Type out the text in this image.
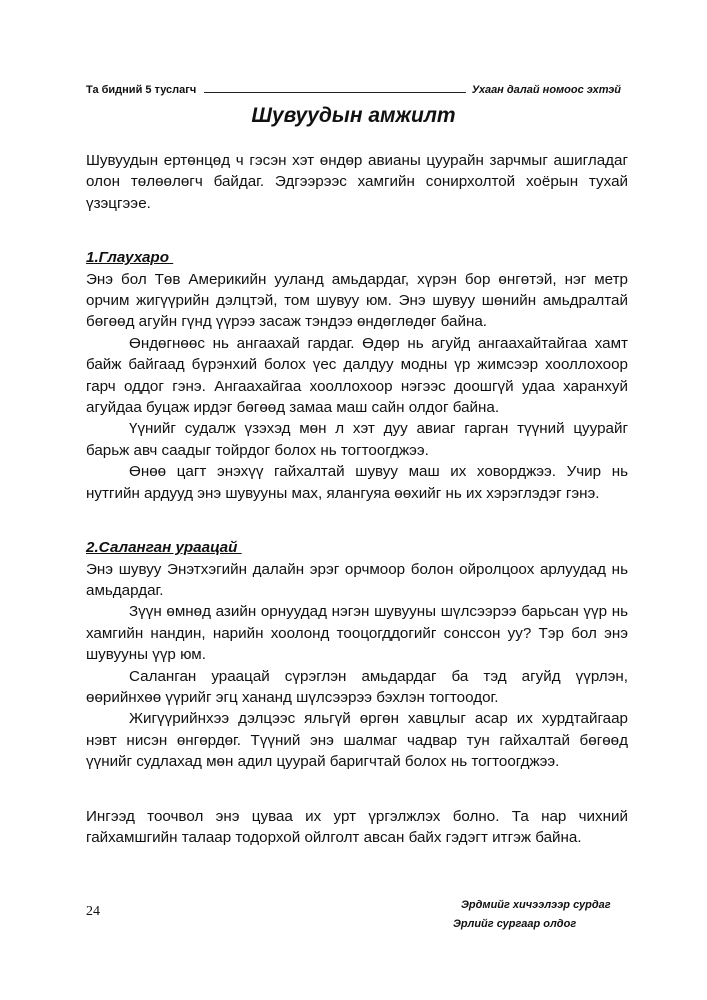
Та бидний 5 туслагч	Ухаан далай номоос эхтэй
Шувуудын амжилт

Шувуудын ертөнцөд ч гэсэн хэт өндөр авианы цуурайн зарчмыг ашигладаг олон төлөөлөгч байдаг. Эдгээрээс хамгийн сонирхолтой хоёрын тухай үзэцгээе.

1.Глаухаро

Энэ бол Төв Америкийн ууланд амьдардаг, хүрэн бор өнгөтэй, нэг метр орчим жигүүрийн дэлцтэй, том шувуу юм. Энэ шувуу шөнийн амьдралтай бөгөөд агуйн гүнд үүрээ засаж тэндээ өндөглөдөг байна.

Өндөгнөөс нь ангаахай гардаг. Өдөр нь агуйд ангаахайтайгаа хамт байж байгаад бүрэнхий болох үес далдуу модны үр жимсээр хооллохоор гарч оддог гэнэ. Ангаахайгаа хооллохоор нэгээс доошгүй удаа харанхуй агуйдаа буцаж ирдэг бөгөөд замаа маш сайн олдог байна.

Үүнийг судалж үзэхэд мөн л хэт дуу авиаг гарган түүний цуурайг барьж авч саадыг тойрдог болох нь тогтоогджээ.

Өнөө цагт энэхүү гайхалтай шувуу маш их ховорджээ. Учир нь нутгийн ардууд энэ шувууны мах, ялангуяа өөхийг нь их хэрэглэдэг гэнэ.

2.Саланган ураацай

Энэ шувуу Энэтхэгийн далайн эрэг орчмоор болон ойролцоох арлуудад нь амьдардаг.

Зүүн өмнөд азийн орнуудад нэгэн шувууны шүлсээрээ барьсан үүр нь хамгийн нандин, нарийн хоолонд тооцогддогийг сонссон уу? Тэр бол энэ шувууны үүр юм.

Саланган ураацай сүрэглэн амьдардаг ба тэд агуйд үүрлэн, өөрийнхөө үүрийг эгц хананд шүлсээрээ бэхлэн тогтоодог.

Жигүүрийнхээ дэлцээс яльгүй өргөн хавцлыг асар их хурдтайгаар нэвт нисэн өнгөрдөг. Түүний энэ шалмаг чадвар тун гайхалтай бөгөөд үүнийг судлахад мөн адил цуурай баригчтай болох нь тогтоогджээ.

Ингээд тоочвол энэ цуваа их урт үргэлжлэх болно. Та нар чихний гайхамшгийн талаар тодорхой ойлголт авсан байх гэдэгт итгэж байна.

24	Эрдмийг хичээлээр сурдаг
Эрлийг сургаар олдог
